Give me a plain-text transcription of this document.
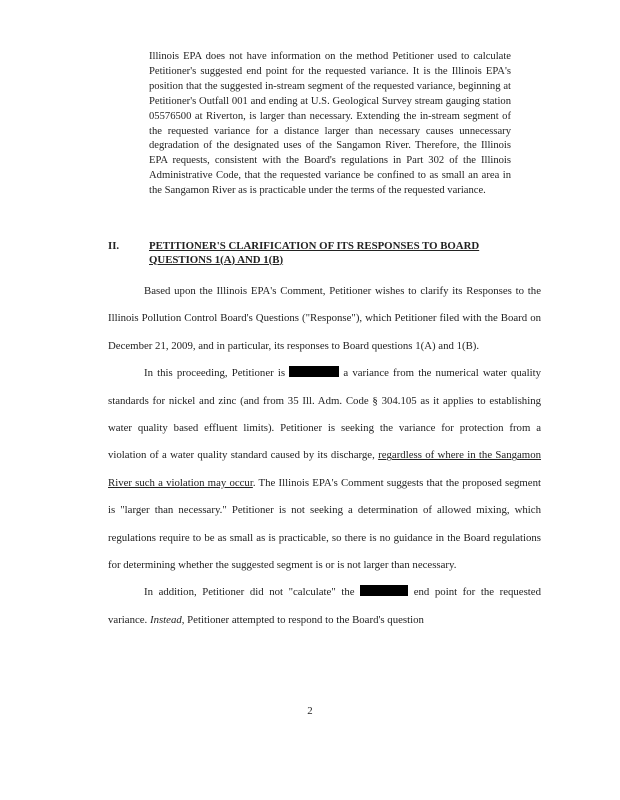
Illinois EPA does not have information on the method Petitioner used to calculate Petitioner's suggested end point for the requested variance. It is the Illinois EPA's position that the suggested in-stream segment of the requested variance, beginning at Petitioner's Outfall 001 and ending at U.S. Geological Survey stream gauging station 05576500 at Riverton, is larger than necessary. Extending the in-stream segment of the requested variance for a distance larger than necessary causes unnecessary degradation of the designated uses of the Sangamon River. Therefore, the Illinois EPA requests, consistent with the Board's regulations in Part 302 of the Illinois Administrative Code, that the requested variance be confined to as small an area in the Sangamon River as is practicable under the terms of the requested variance.

II.	PETITIONER'S CLARIFICATION OF ITS RESPONSES TO BOARD QUESTIONS 1(A) AND 1(B)

Based upon the Illinois EPA's Comment, Petitioner wishes to clarify its Responses to the Illinois Pollution Control Board's Questions ("Response"), which Petitioner filed with the Board on December 21, 2009, and in particular, its responses to Board questions 1(A) and 1(B).

In this proceeding, Petitioner is	a variance from the numerical water quality standards for nickel and zinc (and from 35 Ill. Adm. Code § 304.105 as it applies to establishing water quality based effluent limits). Petitioner is seeking the variance for protection from a violation of a water quality standard caused by its discharge, regardless of where in the Sangamon River such a violation may occur. The Illinois EPA's Comment suggests that the proposed segment is "larger than necessary." Petitioner is not seeking a determination of allowed mixing, which regulations require to be as small as is practicable, so there is no guidance in the Board regulations for determining whether the suggested segment is or is not larger than necessary.

In addition, Petitioner did not "calculate" the	end point for the requested variance. Instead, Petitioner attempted to respond to the Board's question

2
